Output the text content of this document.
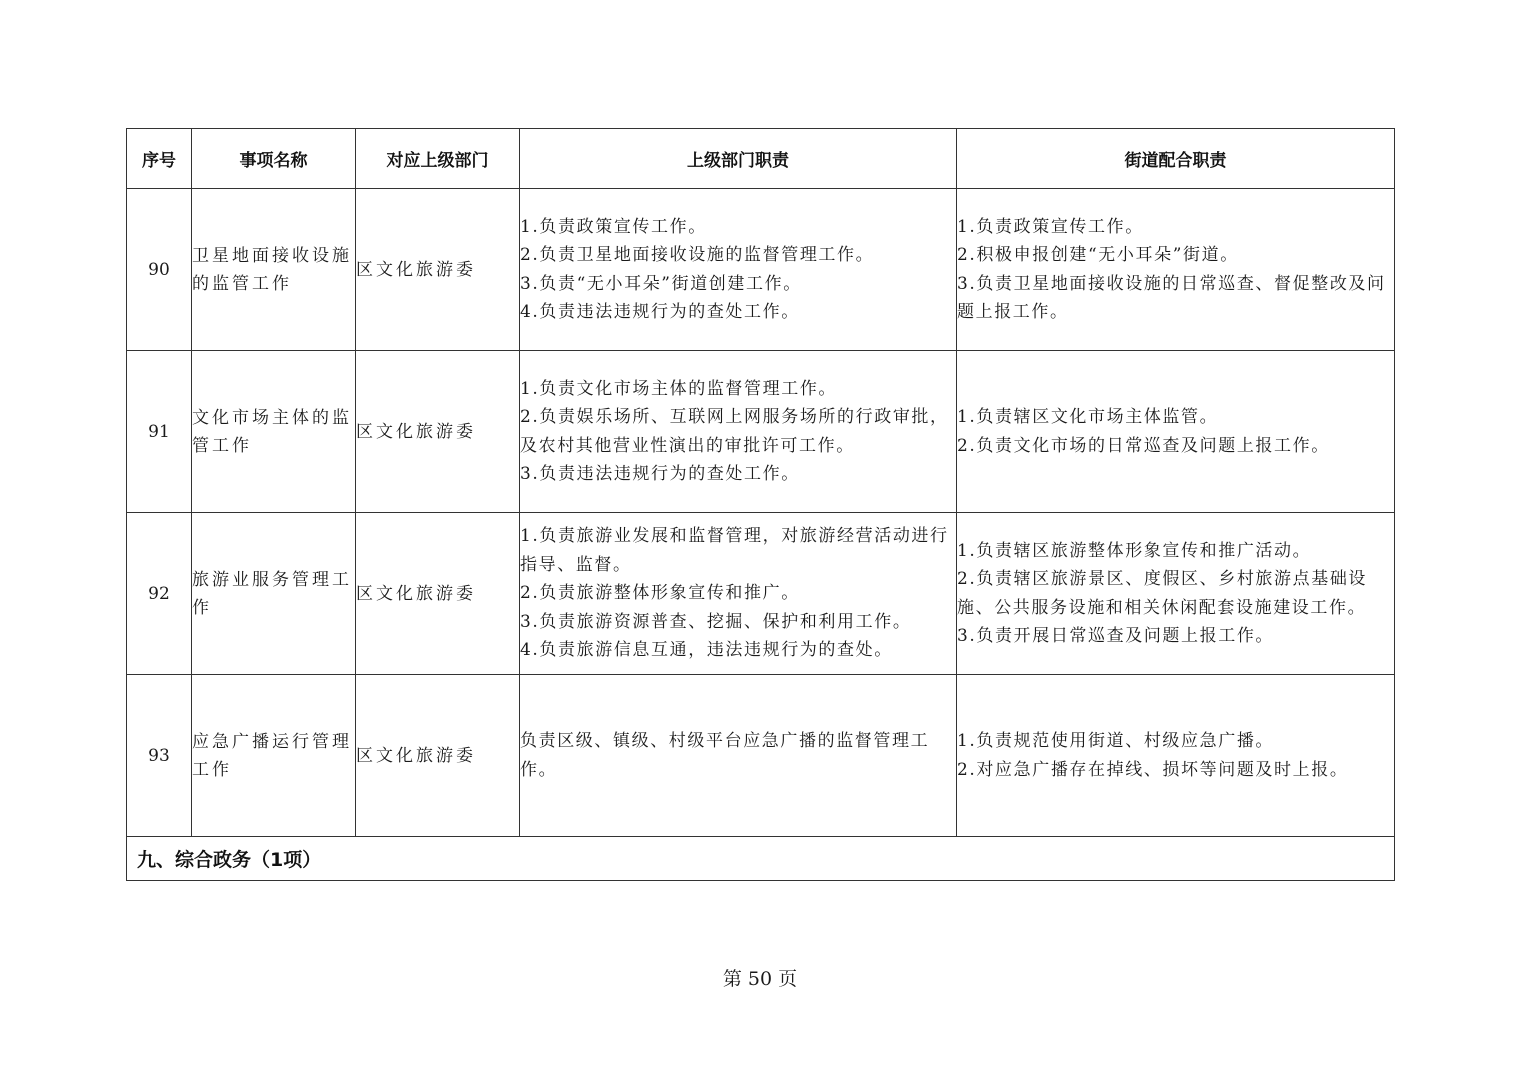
序号	事项名称	对应上级部门	上级部门职责	街道配合职责
90	卫星地面接收设施的监管工作	区文化旅游委	1.负责政策宣传工作。
2.负责卫星地面接收设施的监督管理工作。
3.负责“无小耳朵”街道创建工作。
4.负责违法违规行为的查处工作。	1.负责政策宣传工作。
2.积极申报创建“无小耳朵”街道。
3.负责卫星地面接收设施的日常巡查、督促整改及问题上报工作。

91	文化市场主体的监管工作	区文化旅游委	1.负责文化市场主体的监督管理工作。
2.负责娱乐场所、互联网上网服务场所的行政审批，及农村其他营业性演出的审批许可工作。
3.负责违法违规行为的查处工作。	1.负责辖区文化市场主体监管。
2.负责文化市场的日常巡查及问题上报工作。

92	旅游业服务管理工作	区文化旅游委	1.负责旅游业发展和监督管理，对旅游经营活动进行指导、监督。
2.负责旅游整体形象宣传和推广。
3.负责旅游资源普查、挖掘、保护和利用工作。
4.负责旅游信息互通，违法违规行为的查处。	1.负责辖区旅游整体形象宣传和推广活动。
2.负责辖区旅游景区、度假区、乡村旅游点基础设施、公共服务设施和相关休闲配套设施建设工作。
3.负责开展日常巡查及问题上报工作。

93	应急广播运行管理工作	区文化旅游委	负责区级、镇级、村级平台应急广播的监督管理工作。	1.负责规范使用街道、村级应急广播。
2.对应急广播存在掉线、损坏等问题及时上报。

九、综合政务（1项）				
第 50 页
